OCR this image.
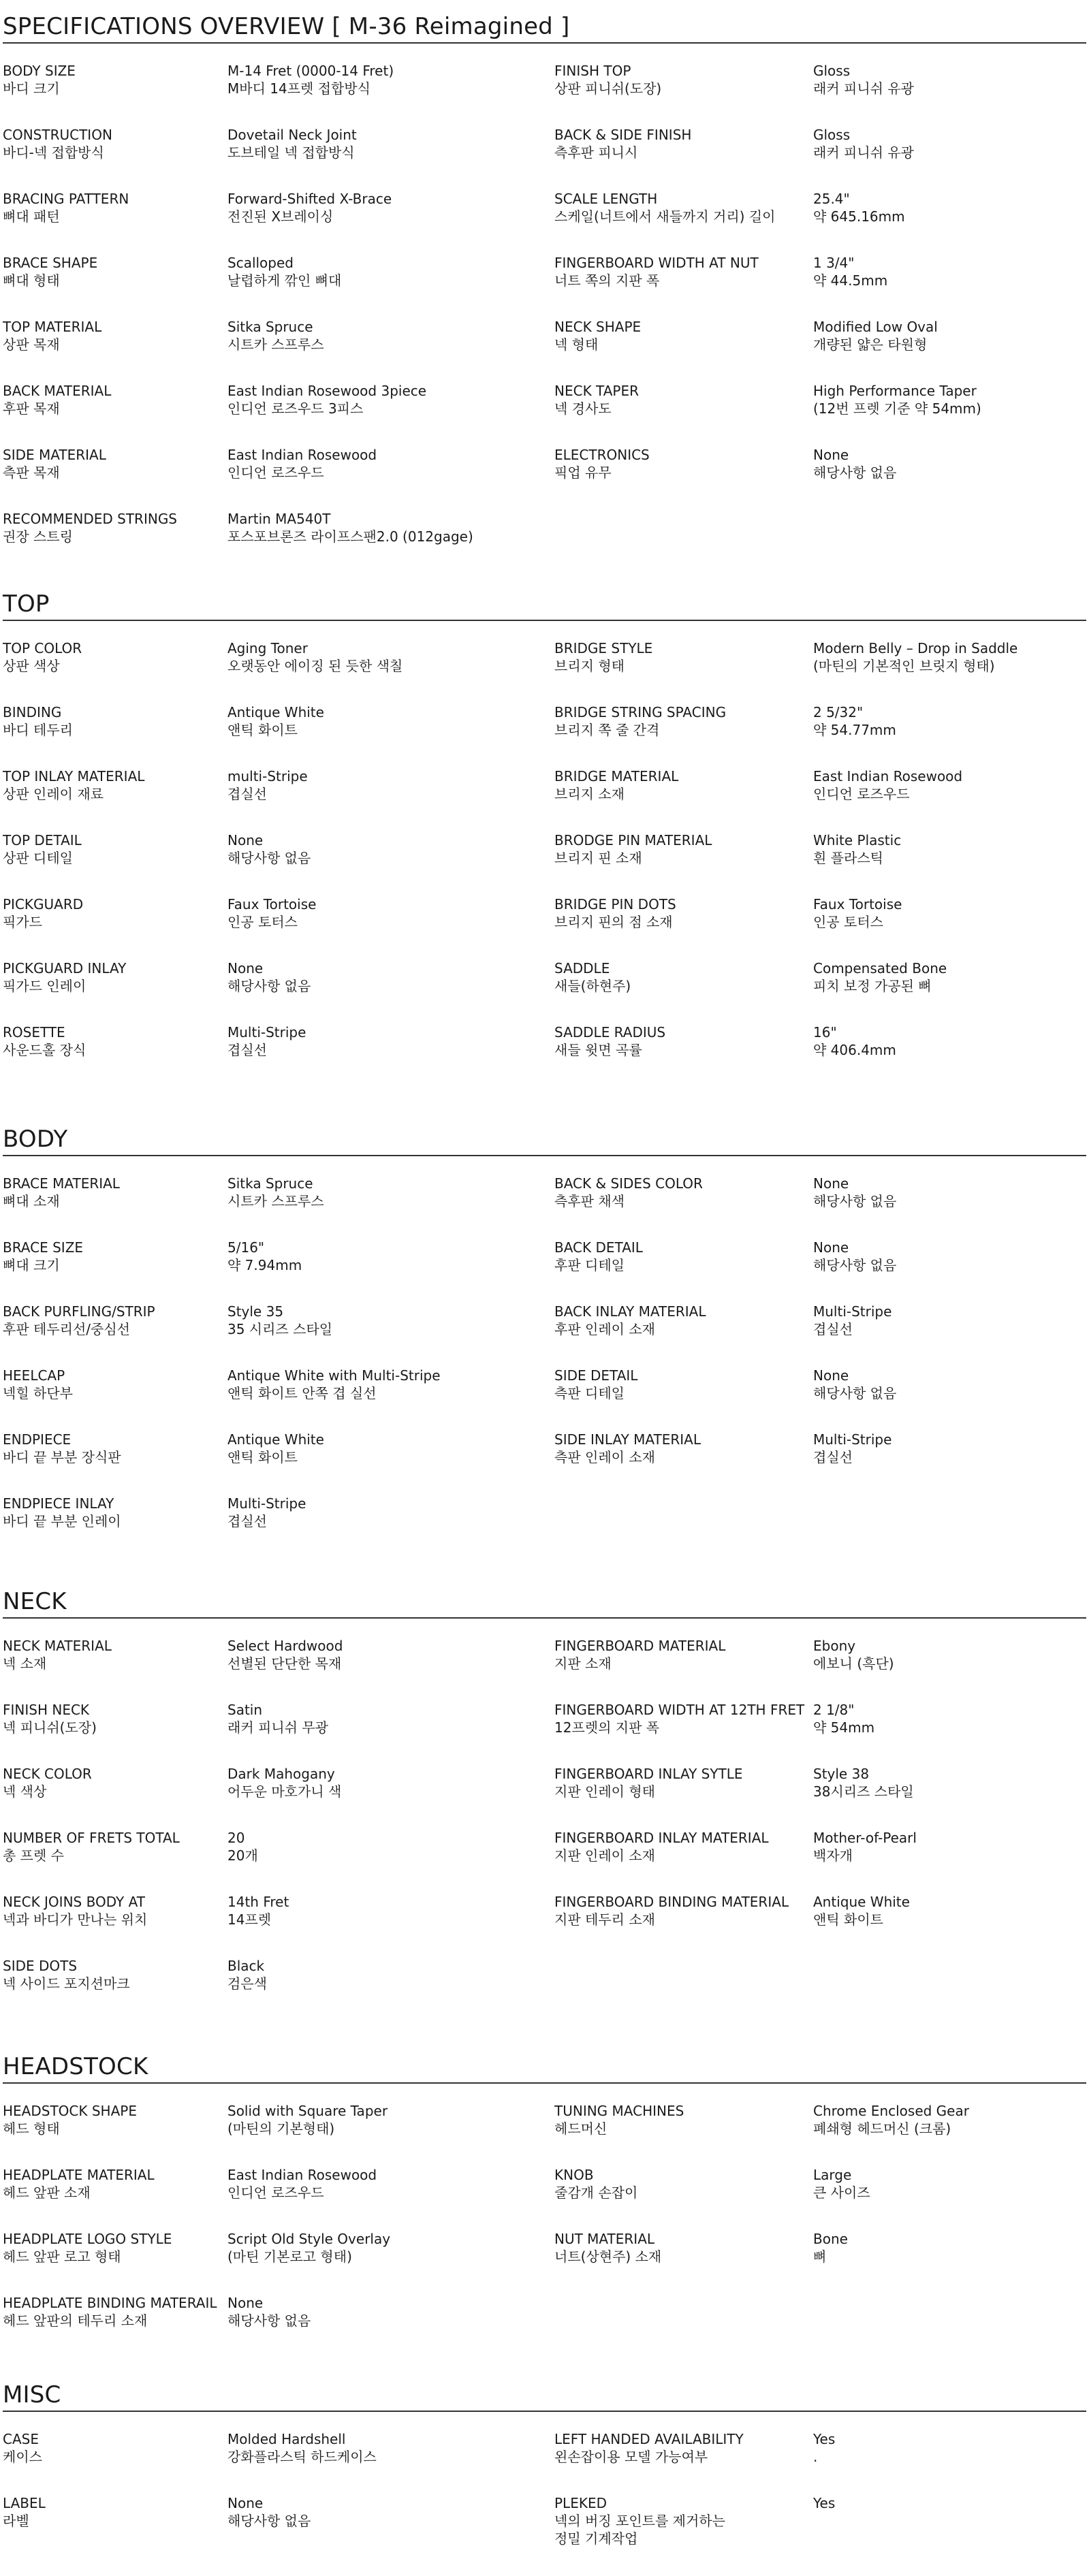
SPECIFICATIONS OVERVIEW [ M-36 Reimagined ]
BODY SIZE
바디 크기
M-14 Fret (0000-14 Fret)
M바디 14프렛 접합방식
FINISH TOP
상판 피니쉬(도장)
Gloss
래커 피니쉬 유광
CONSTRUCTION
바디-넥 접합방식
Dovetail Neck Joint
도브테일 넥 접합방식
BACK & SIDE FINISH
측후판 피니시
Gloss
래커 피니쉬 유광
BRACING PATTERN
뼈대 패턴
Forward-Shifted X-Brace
전진된 X브레이싱
SCALE LENGTH
스케일(너트에서 새들까지 거리) 길이
25.4"
약 645.16mm
BRACE SHAPE
뼈대 형태
Scalloped
날렵하게 깎인 뼈대
FINGERBOARD WIDTH AT NUT
너트 쪽의 지판 폭
1 3/4"
약 44.5mm
TOP MATERIAL
상판 목재
Sitka Spruce
시트카 스프루스
NECK SHAPE
넥 형태
Modified Low Oval
개량된 얇은 타원형
BACK MATERIAL
후판 목재
East Indian Rosewood 3piece
인디언 로즈우드 3피스
NECK TAPER
넥 경사도
High Performance Taper
(12번 프렛 기준 약 54mm)
SIDE MATERIAL
측판 목재
East Indian Rosewood
인디언 로즈우드
ELECTRONICS
픽업 유무
None
해당사항 없음
RECOMMENDED STRINGS
권장 스트링
Martin MA540T
포스포브론즈 라이프스팬2.0 (012gage)
TOP
TOP COLOR
상판 색상
Aging Toner
오랫동안 에이징 된 듯한 색칠
BRIDGE STYLE
브리지 형태
Modern Belly – Drop in Saddle
(마틴의 기본적인 브릿지 형태)
BINDING
바디 테두리
Antique White
앤틱 화이트
BRIDGE STRING SPACING
브리지 쪽 줄 간격
2 5/32"
약 54.77mm
TOP INLAY MATERIAL
상판 인레이 재료
multi-Stripe
겹실선
BRIDGE MATERIAL
브리지 소재
East Indian Rosewood
인디언 로즈우드
TOP DETAIL
상판 디테일
None
해당사항 없음
BRODGE PIN MATERIAL
브리지 핀 소재
White Plastic
흰 플라스틱
PICKGUARD
픽가드
Faux Tortoise
인공 토터스
BRIDGE PIN DOTS
브리지 핀의 점 소재
Faux Tortoise
인공 토터스
PICKGUARD INLAY
픽가드 인레이
None
해당사항 없음
SADDLE
새들(하현주)
Compensated Bone
피치 보정 가공된 뼈
ROSETTE
사운드홀 장식
Multi-Stripe
겹실선
SADDLE RADIUS
새들 윗면 곡률
16"
약 406.4mm
BODY
BRACE MATERIAL
뼈대 소재
Sitka Spruce
시트카 스프루스
BACK & SIDES COLOR
측후판 채색
None
해당사항 없음
BRACE SIZE
뼈대 크기
5/16"
약 7.94mm
BACK DETAIL
후판 디테일
None
해당사항 없음
BACK PURFLING/STRIP
후판 테두리선/중심선
Style 35
35 시리즈 스타일
BACK INLAY MATERIAL
후판 인레이 소재
Multi-Stripe
겹실선
HEELCAP
넥힐 하단부
Antique White with Multi-Stripe
앤틱 화이트 안쪽 겹 실선
SIDE DETAIL
측판 디테일
None
해당사항 없음
ENDPIECE
바디 끝 부분 장식판
Antique White
앤틱 화이트
SIDE INLAY MATERIAL
측판 인레이 소재
Multi-Stripe
겹실선
ENDPIECE INLAY
바디 끝 부분 인레이
Multi-Stripe
겹실선
NECK
NECK MATERIAL
넥 소재
Select Hardwood
선별된 단단한 목재
FINGERBOARD MATERIAL
지판 소재
Ebony
에보니 (흑단)
FINISH NECK
넥 피니쉬(도장)
Satin
래커 피니쉬 무광
FINGERBOARD WIDTH AT 12TH FRET
12프렛의 지판 폭
2 1/8"
약 54mm
NECK COLOR
넥 색상
Dark Mahogany
어두운 마호가니 색
FINGERBOARD INLAY SYTLE
지판 인레이 형태
Style 38
38시리즈 스타일
NUMBER OF FRETS TOTAL
총 프렛 수
20
20개
FINGERBOARD INLAY MATERIAL
지판 인레이 소재
Mother-of-Pearl
백자개
NECK JOINS BODY AT
넥과 바디가 만나는 위치
14th Fret
14프렛
FINGERBOARD BINDING MATERIAL
지판 테두리 소재
Antique White
앤틱 화이트
SIDE DOTS
넥 사이드 포지션마크
Black
검은색
HEADSTOCK
HEADSTOCK SHAPE
헤드 형태
Solid with Square Taper
(마틴의 기본형태)
TUNING MACHINES
헤드머신
Chrome Enclosed Gear
폐쇄형 헤드머신 (크롬)
HEADPLATE MATERIAL
헤드 앞판 소재
East Indian Rosewood
인디언 로즈우드
KNOB
줄감개 손잡이
Large
큰 사이즈
HEADPLATE LOGO STYLE
헤드 앞판 로고 형태
Script Old Style Overlay
(마틴 기본로고 형태)
NUT MATERIAL
너트(상현주) 소재
Bone
뼈
HEADPLATE BINDING MATERAIL
헤드 앞판의 테두리 소재
None
해당사항 없음
MISC
CASE
케이스
Molded Hardshell
강화플라스틱 하드케이스
LEFT HANDED AVAILABILITY
왼손잡이용 모델 가능여부
Yes
.
LABEL
라벨
None
해당사항 없음
PLEKED
넥의 버징 포인트를 제거하는
정밀 기계작업
Yes
